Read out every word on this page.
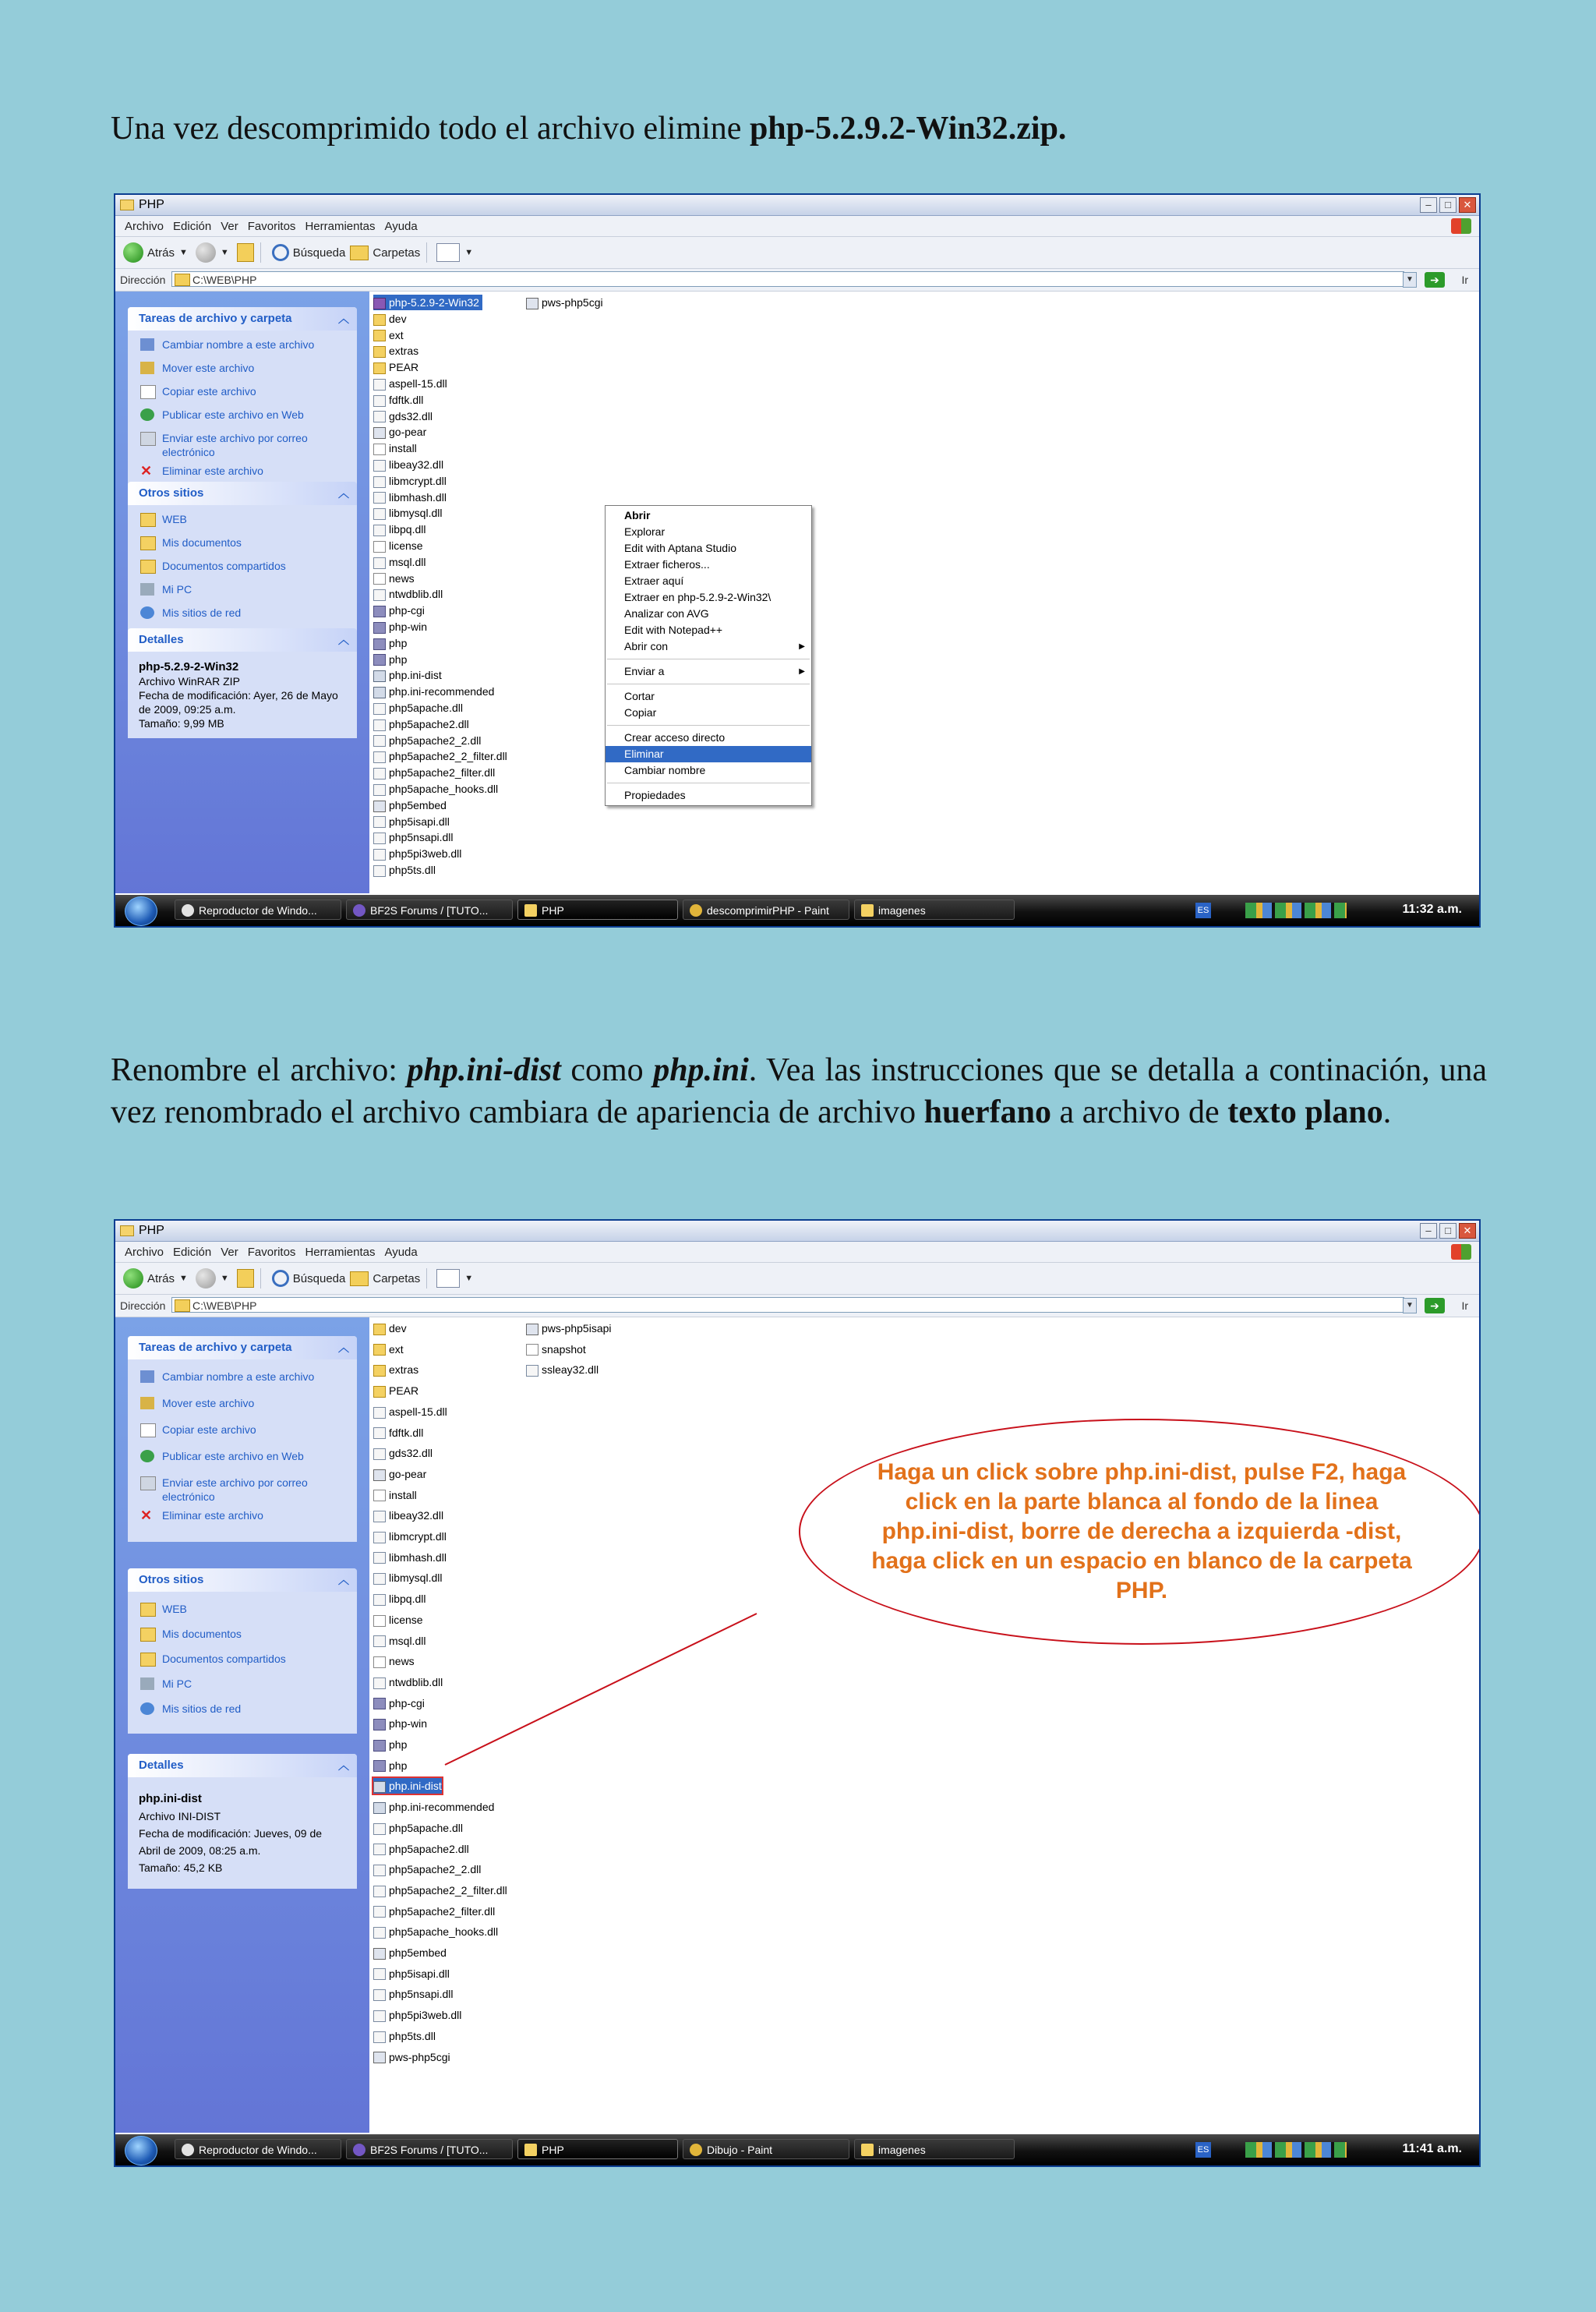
Una vez descomprimido todo el archivo elimine php-5.2.9.2-Win32.zip.
PHP	–	□	✕
Archivo Edición Ver Favoritos Herramientas Ayuda
Atrás ▼	▼	Búsqueda Carpetas	▼
Dirección	C:\WEB\PHP	▼	➔	Ir
Tareas de archivo y carpeta	︿
Cambiar nombre a este archivo
Mover este archivo
Copiar este archivo
Publicar este archivo en Web
Enviar este archivo por correo electrónico
✕ Eliminar este archivo
Otros sitios	︿
WEB
Mis documentos
Documentos compartidos
Mi PC
Mis sitios de red
Detalles	︿
php-5.2.9-2-Win32
Archivo WinRAR ZIP
Fecha de modificación: Ayer, 26 de Mayo de 2009, 09:25 a.m.
Tamaño: 9,99 MB
pws-php5cgi
php5ts.dll
php5pi3web.dll
php5nsapi.dll
php5isapi.dll
php5embed
php5apache_hooks.dll
php5apache2_filter.dll
php5apache2_2_filter.dll
php5apache2_2.dll
php5apache2.dll
php5apache.dll
php.ini-recommended
php.ini-dist
php
php
php-win
php-cgi
ntwdblib.dll
news
msql.dll
license
libpq.dll
libmysql.dll
libmhash.dll
libmcrypt.dll
libeay32.dll
install
go-pear
gds32.dll
fdftk.dll
aspell-15.dll
PEAR
extras
ext
dev
php-5.2.9-2-Win32
Abrir
Explorar
Edit with Aptana Studio
Extraer ficheros...
Extraer aquí
Extraer en php-5.2.9-2-Win32\
Analizar con AVG
Edit with Notepad++
Abrir con	▶
Enviar a	▶
Cortar
Copiar
Crear acceso directo
Eliminar
Cambiar nombre
Propiedades
Reproductor de Windo...	BF2S Forums / [TUTO...	PHP	descomprimirPHP - Paint	imagenes	ES	11:32 a.m.
Renombre el archivo: php.ini-dist como php.ini. Vea las instrucciones que se detalla a continación, una vez renombrado el archivo cambiara de apariencia de archivo huerfano a archivo de texto plano.
PHP	–	□	✕
Archivo Edición Ver Favoritos Herramientas Ayuda
Atrás ▼	▼	Búsqueda Carpetas	▼
Dirección	C:\WEB\PHP	▼	➔	Ir
Tareas de archivo y carpeta	︿
Cambiar nombre a este archivo
Mover este archivo
Copiar este archivo
Publicar este archivo en Web
Enviar este archivo por correo electrónico
✕ Eliminar este archivo
Otros sitios	︿
WEB
Mis documentos
Documentos compartidos
Mi PC
Mis sitios de red
Detalles	︿
php.ini-dist
Archivo INI-DIST
Fecha de modificación: Jueves, 09 de Abril de 2009, 08:25 a.m.
Tamaño: 45,2 KB
ssleay32.dll
snapshot
pws-php5isapi
pws-php5cgi
php5ts.dll
php5pi3web.dll
php5nsapi.dll
php5isapi.dll
php5embed
php5apache_hooks.dll
php5apache2_filter.dll
php5apache2_2_filter.dll
php5apache2_2.dll
php5apache2.dll
php5apache.dll
php.ini-recommended
php.ini-dist
php
php
php-win
php-cgi
ntwdblib.dll
news
msql.dll
license
libpq.dll
libmysql.dll
libmhash.dll
libmcrypt.dll
libeay32.dll
install
go-pear
gds32.dll
fdftk.dll
aspell-15.dll
PEAR
extras
ext
dev
Haga un click sobre php.ini-dist, pulse F2, haga click en la parte blanca al fondo de la linea php.ini-dist, borre de derecha a izquierda -dist, haga click en un espacio en blanco de la carpeta PHP.
Reproductor de Windo...	BF2S Forums / [TUTO...	PHP	Dibujo - Paint	imagenes	ES	11:41 a.m.
